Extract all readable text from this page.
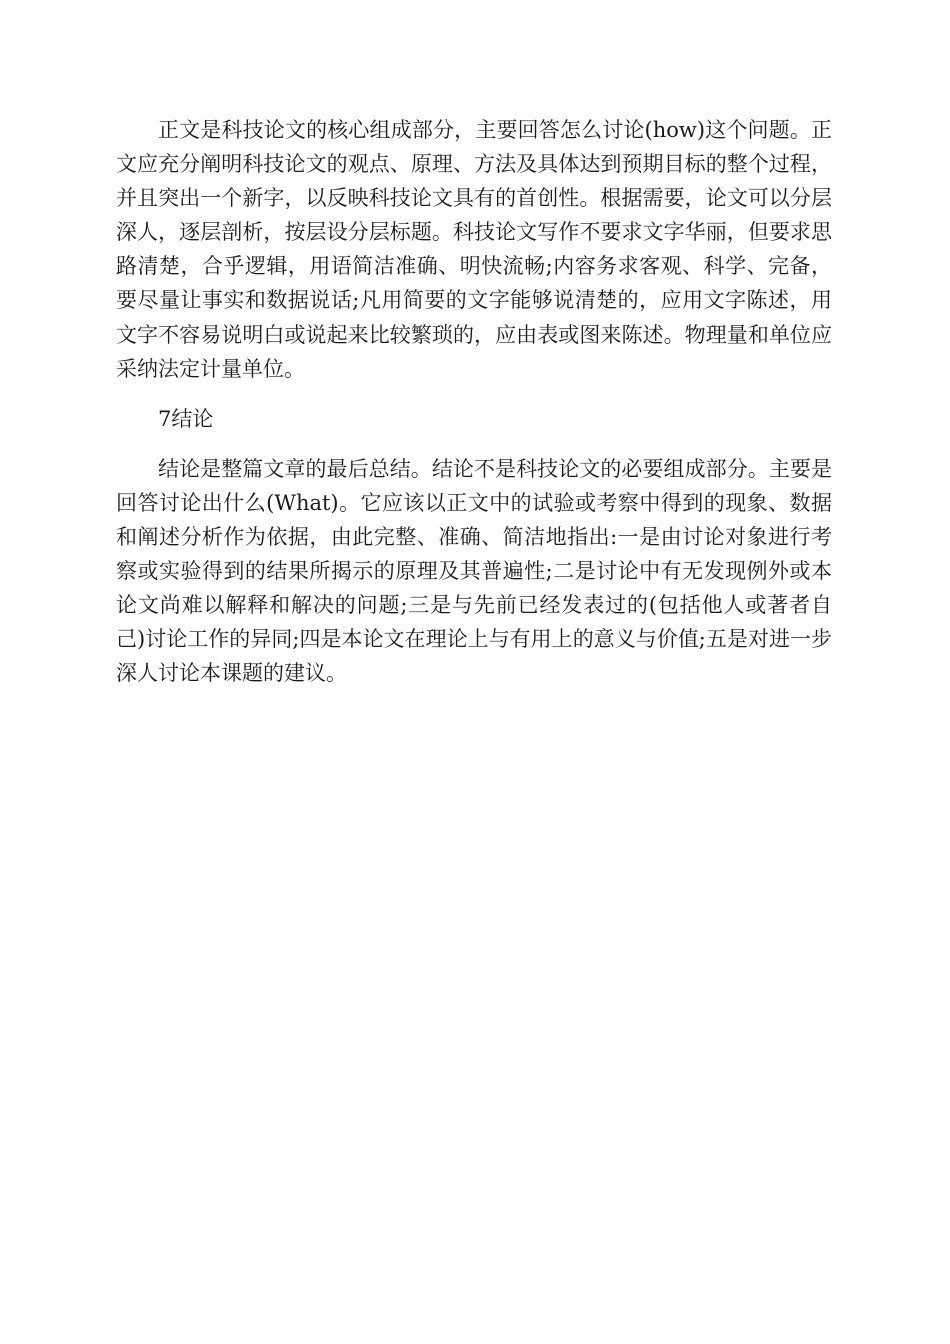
正文是科技论文的核心组成部分，主要回答怎么讨论(how)这个问题。正文应充分阐明科技论文的观点、原理、方法及具体达到预期目标的整个过程，并且突出一个新字，以反映科技论文具有的首创性。根据需要，论文可以分层深人，逐层剖析，按层设分层标题。科技论文写作不要求文字华丽，但要求思路清楚，合乎逻辑，用语简洁准确、明快流畅;内容务求客观、科学、完备，要尽量让事实和数据说话;凡用简要的文字能够说清楚的，应用文字陈述，用文字不容易说明白或说起来比较繁琐的，应由表或图来陈述。物理量和单位应采纳法定计量单位。

7结论

结论是整篇文章的最后总结。结论不是科技论文的必要组成部分。主要是回答讨论出什么(What)。它应该以正文中的试验或考察中得到的现象、数据和阐述分析作为依据，由此完整、准确、简洁地指出:一是由讨论对象进行考察或实验得到的结果所揭示的原理及其普遍性;二是讨论中有无发现例外或本论文尚难以解释和解决的问题;三是与先前已经发表过的(包括他人或著者自己)讨论工作的异同;四是本论文在理论上与有用上的意义与价值;五是对进一步深人讨论本课题的建议。
